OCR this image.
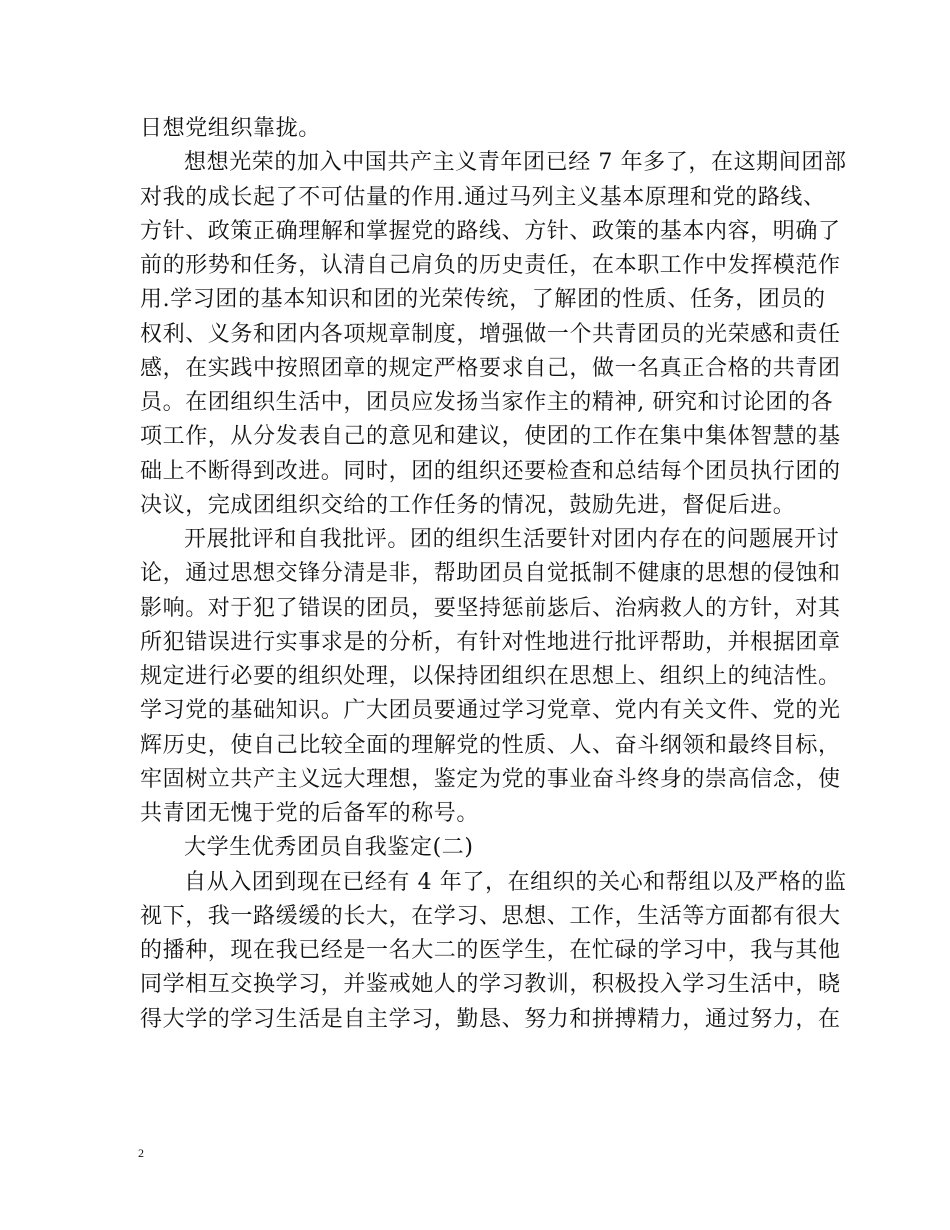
日想党组织靠拢。
想想光荣的加入中国共产主义青年团已经 7 年多了，在这期间团部
对我的成长起了不可估量的作用.通过马列主义基本原理和党的路线、
方针、政策正确理解和掌握党的路线、方针、政策的基本内容，明确了
前的形势和任务，认清自己肩负的历史责任，在本职工作中发挥模范作
用.学习团的基本知识和团的光荣传统，了解团的性质、任务，团员的
权利、义务和团内各项规章制度，增强做一个共青团员的光荣感和责任
感，在实践中按照团章的规定严格要求自己，做一名真正合格的共青团
员。在团组织生活中，团员应发扬当家作主的精神, 研究和讨论团的各
项工作，从分发表自己的意见和建议，使团的工作在集中集体智慧的基
础上不断得到改进。同时，团的组织还要检查和总结每个团员执行团的
决议，完成团组织交给的工作任务的情况，鼓励先进，督促后进。
开展批评和自我批评。团的组织生活要针对团内存在的问题展开讨
论，通过思想交锋分清是非，帮助团员自觉抵制不健康的思想的侵蚀和
影响。对于犯了错误的团员，要坚持惩前毖后、治病救人的方针，对其
所犯错误进行实事求是的分析，有针对性地进行批评帮助，并根据团章
规定进行必要的组织处理，以保持团组织在思想上、组织上的纯洁性。
学习党的基础知识。广大团员要通过学习党章、党内有关文件、党的光
辉历史，使自己比较全面的理解党的性质、人、奋斗纲领和最终目标，
牢固树立共产主义远大理想，鉴定为党的事业奋斗终身的崇高信念，使
共青团无愧于党的后备军的称号。
大学生优秀团员自我鉴定(二)
自从入团到现在已经有 4 年了，在组织的关心和帮组以及严格的监
视下，我一路缓缓的长大，在学习、思想、工作，生活等方面都有很大
的播种，现在我已经是一名大二的医学生，在忙碌的学习中，我与其他
同学相互交换学习，并鉴戒她人的学习教训，积极投入学习生活中，晓
得大学的学习生活是自主学习，勤恳、努力和拼搏精力，通过努力，在
2
